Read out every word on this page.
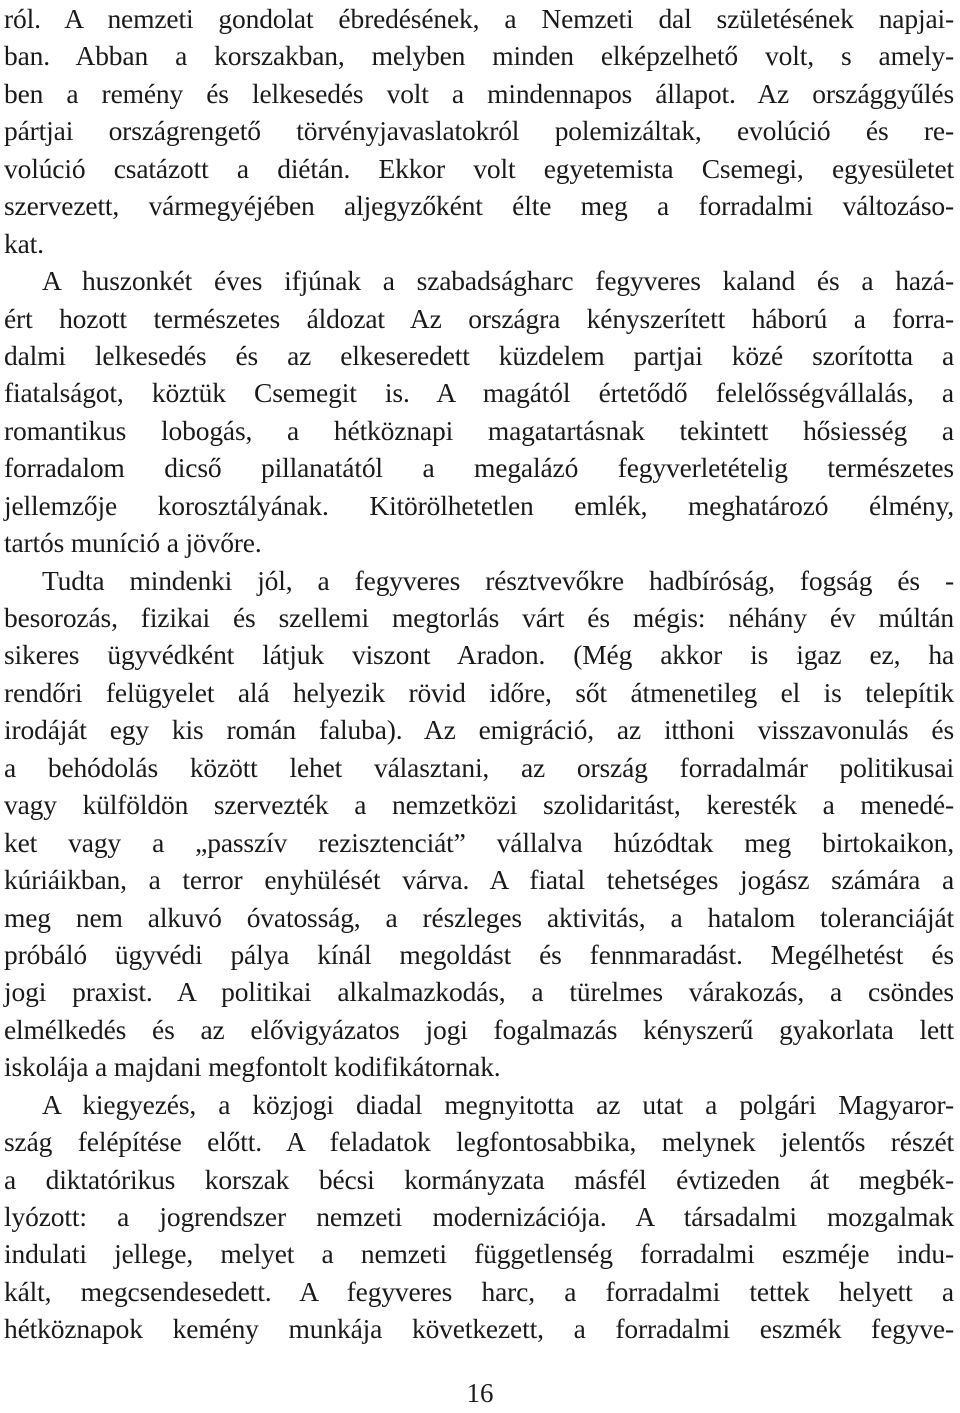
ról. A nemzeti gondolat ébredésének, a Nemzeti dal születésének napjai-
ban. Abban a korszakban, melyben minden elképzelhető volt, s amely-
ben a remény és lelkesedés volt a mindennapos állapot. Az országgyűlés
pártjai országrengető törvényjavaslatokról polemizáltak, evolúció és re-
volúció csatázott a diétán. Ekkor volt egyetemista Csemegi, egyesületet
szervezett, vármegyéjében aljegyzőként élte meg a forradalmi változáso-
kat.
A huszonkét éves ifjúnak a szabadságharc fegyveres kaland és a hazá-
ért hozott természetes áldozat Az országra kényszerített háború a forra-
dalmi lelkesedés és az elkeseredett küzdelem partjai közé szorította a
fiatalságot, köztük Csemegit is. A magától értetődő felelősségvállalás, a
romantikus lobogás, a hétköznapi magatartásnak tekintett hősiesség a
forradalom dicső pillanatától a megalázó fegyverletételig természetes
jellemzője korosztályának. Kitörölhetetlen emlék, meghatározó élmény,
tartós muníció a jövőre.
Tudta mindenki jól, a fegyveres résztvevőkre hadbíróság, fogság és -
besorozás, fizikai és szellemi megtorlás várt és mégis: néhány év múltán
sikeres ügyvédként látjuk viszont Aradon. (Még akkor is igaz ez, ha
rendőri felügyelet alá helyezik rövid időre, sőt átmenetileg el is telepítik
irodáját egy kis román faluba). Az emigráció, az itthoni visszavonulás és
a behódolás között lehet választani, az ország forradalmár politikusai
vagy külföldön szervezték a nemzetközi szolidaritást, keresték a menedé-
ket vagy a „passzív rezisztenciát” vállalva húzódtak meg birtokaikon,
kúriáikban, a terror enyhülését várva. A fiatal tehetséges jogász számára a
meg nem alkuvó óvatosság, a részleges aktivitás, a hatalom toleranciáját
próbáló ügyvédi pálya kínál megoldást és fennmaradást. Megélhetést és
jogi praxist. A politikai alkalmazkodás, a türelmes várakozás, a csöndes
elmélkedés és az elővigyázatos jogi fogalmazás kényszerű gyakorlata lett
iskolája a majdani megfontolt kodifikátornak.
A kiegyezés, a közjogi diadal megnyitotta az utat a polgári Magyaror-
szág felépítése előtt. A feladatok legfontosabbika, melynek jelentős részét
a diktatórikus korszak bécsi kormányzata másfél évtizeden át megbék-
lyózott: a jogrendszer nemzeti modernizációja. A társadalmi mozgalmak
indulati jellege, melyet a nemzeti függetlenség forradalmi eszméje indu-
kált, megcsendesedett. A fegyveres harc, a forradalmi tettek helyett a
hétköznapok kemény munkája következett, a forradalmi eszmék fegyve-
16
